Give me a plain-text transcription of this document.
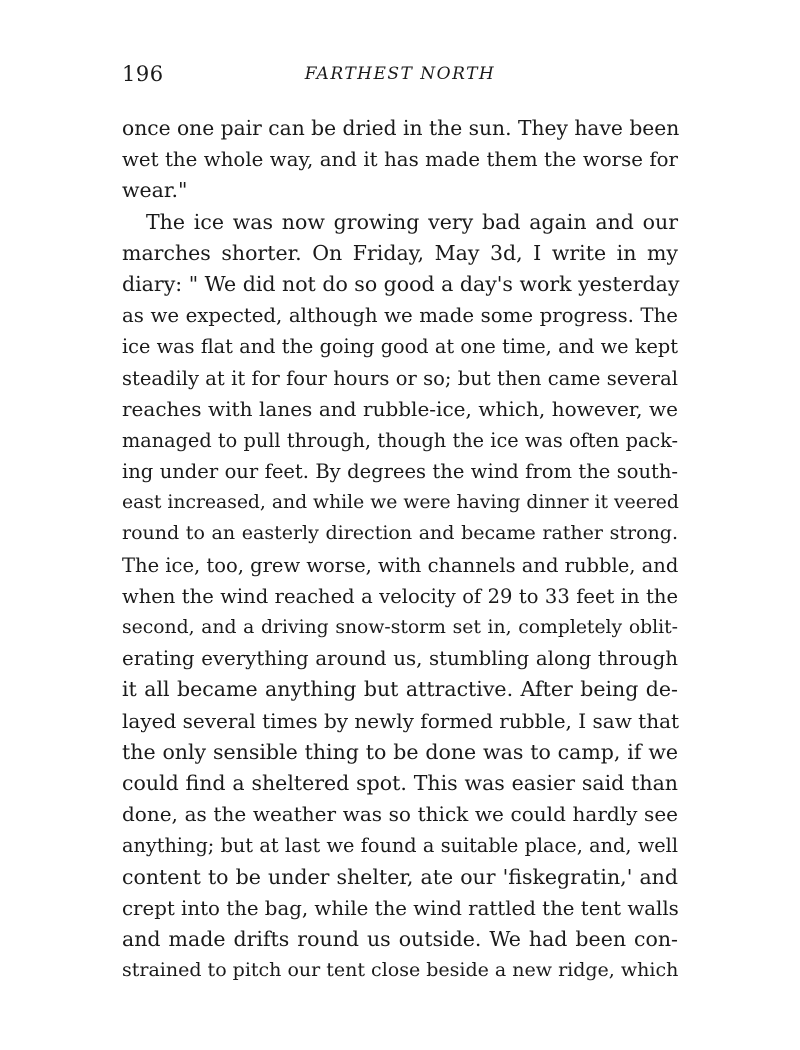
196	FARTHEST NORTH
once one pair can be dried in the sun. They have been
wet the whole way, and it has made them the worse for
wear."
The ice was now growing very bad again and our
marches shorter. On Friday, May 3d, I write in my
diary: " We did not do so good a day's work yesterday
as we expected, although we made some progress. The
ice was flat and the going good at one time, and we kept
steadily at it for four hours or so; but then came several
reaches with lanes and rubble-ice, which, however, we
managed to pull through, though the ice was often pack-
ing under our feet. By degrees the wind from the south-
east increased, and while we were having dinner it veered
round to an easterly direction and became rather strong.
The ice, too, grew worse, with channels and rubble, and
when the wind reached a velocity of 29 to 33 feet in the
second, and a driving snow-storm set in, completely oblit-
erating everything around us, stumbling along through
it all became anything but attractive. After being de-
layed several times by newly formed rubble, I saw that
the only sensible thing to be done was to camp, if we
could find a sheltered spot. This was easier said than
done, as the weather was so thick we could hardly see
anything; but at last we found a suitable place, and, well
content to be under shelter, ate our 'fiskegratin,' and
crept into the bag, while the wind rattled the tent walls
and made drifts round us outside. We had been con-
strained to pitch our tent close beside a new ridge, which
